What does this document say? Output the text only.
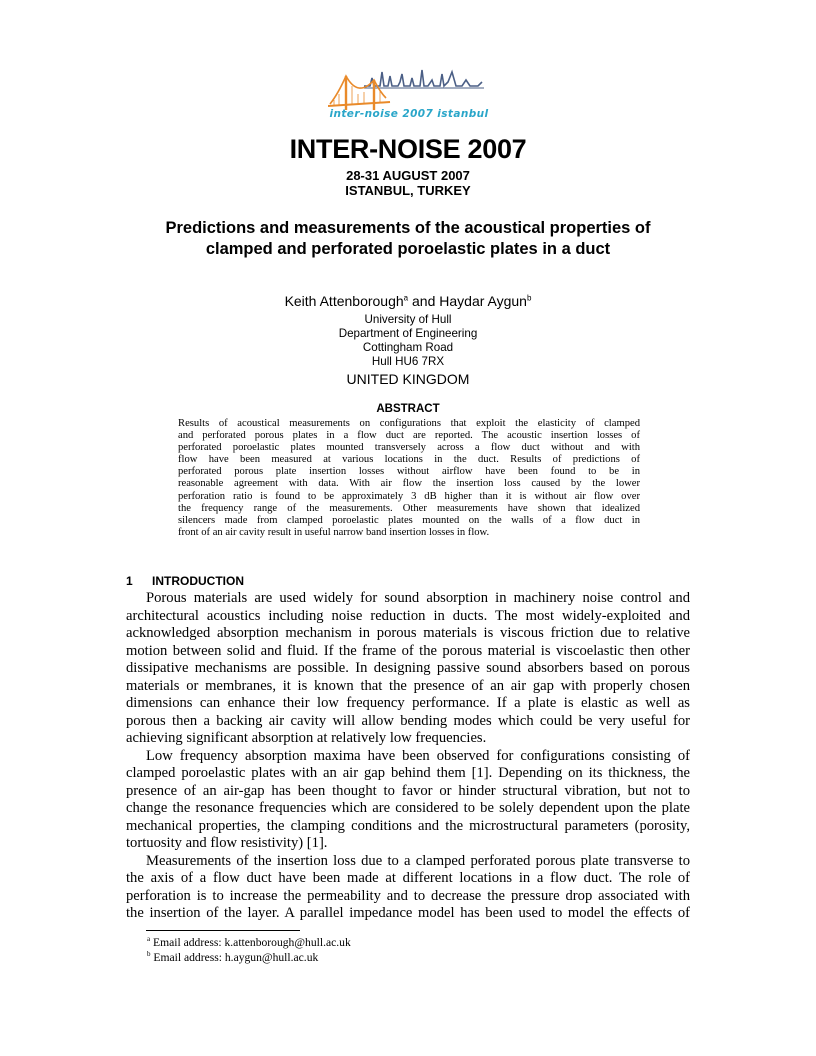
inter-noise 2007 istanbul
INTER-NOISE 2007
28-31 AUGUST 2007
ISTANBUL, TURKEY
Predictions and measurements of the acoustical properties of
clamped and perforated poroelastic plates in a duct
Keith Attenborough$^a$ and Haydar Aygun$^b$
University of Hull
Department of Engineering
Cottingham Road
Hull HU6 7RX
UNITED KINGDOM
ABSTRACT
Results of acoustical measurements on configurations that exploit the elasticity of clamped
and perforated porous plates in a flow duct are reported. The acoustic insertion losses of
perforated poroelastic plates mounted transversely across a flow duct without and with
flow have been measured at various locations in the duct. Results of predictions of
perforated porous plate insertion losses without airflow have been found to be in
reasonable agreement with data. With air flow the insertion loss caused by the lower
perforation ratio is found to be approximately 3 dB higher than it is without air flow over
the frequency range of the measurements. Other measurements have shown that idealized
silencers made from clamped poroelastic plates mounted on the walls of a flow duct in
front of an air cavity result in useful narrow band insertion losses in flow.
1 INTRODUCTION
Porous materials are used widely for sound absorption in machinery noise control and
architectural acoustics including noise reduction in ducts. The most widely-exploited and
acknowledged absorption mechanism in porous materials is viscous friction due to relative
motion between solid and fluid. If the frame of the porous material is viscoelastic then other
dissipative mechanisms are possible. In designing passive sound absorbers based on porous
materials or membranes, it is known that the presence of an air gap with properly chosen
dimensions can enhance their low frequency performance. If a plate is elastic as well as
porous then a backing air cavity will allow bending modes which could be very useful for
achieving significant absorption at relatively low frequencies.
Low frequency absorption maxima have been observed for configurations consisting of
clamped poroelastic plates with an air gap behind them [1]. Depending on its thickness, the
presence of an air-gap has been thought to favor or hinder structural vibration, but not to
change the resonance frequencies which are considered to be solely dependent upon the plate
mechanical properties, the clamping conditions and the microstructural parameters (porosity,
tortuosity and flow resistivity) [1].
Measurements of the insertion loss due to a clamped perforated porous plate transverse to
the axis of a flow duct have been made at different locations in a flow duct. The role of
perforation is to increase the permeability and to decrease the pressure drop associated with
the insertion of the layer. A parallel impedance model has been used to model the effects of
$^a$ Email address: k.attenborough@hull.ac.uk
$^b$ Email address: h.aygun@hull.ac.uk
